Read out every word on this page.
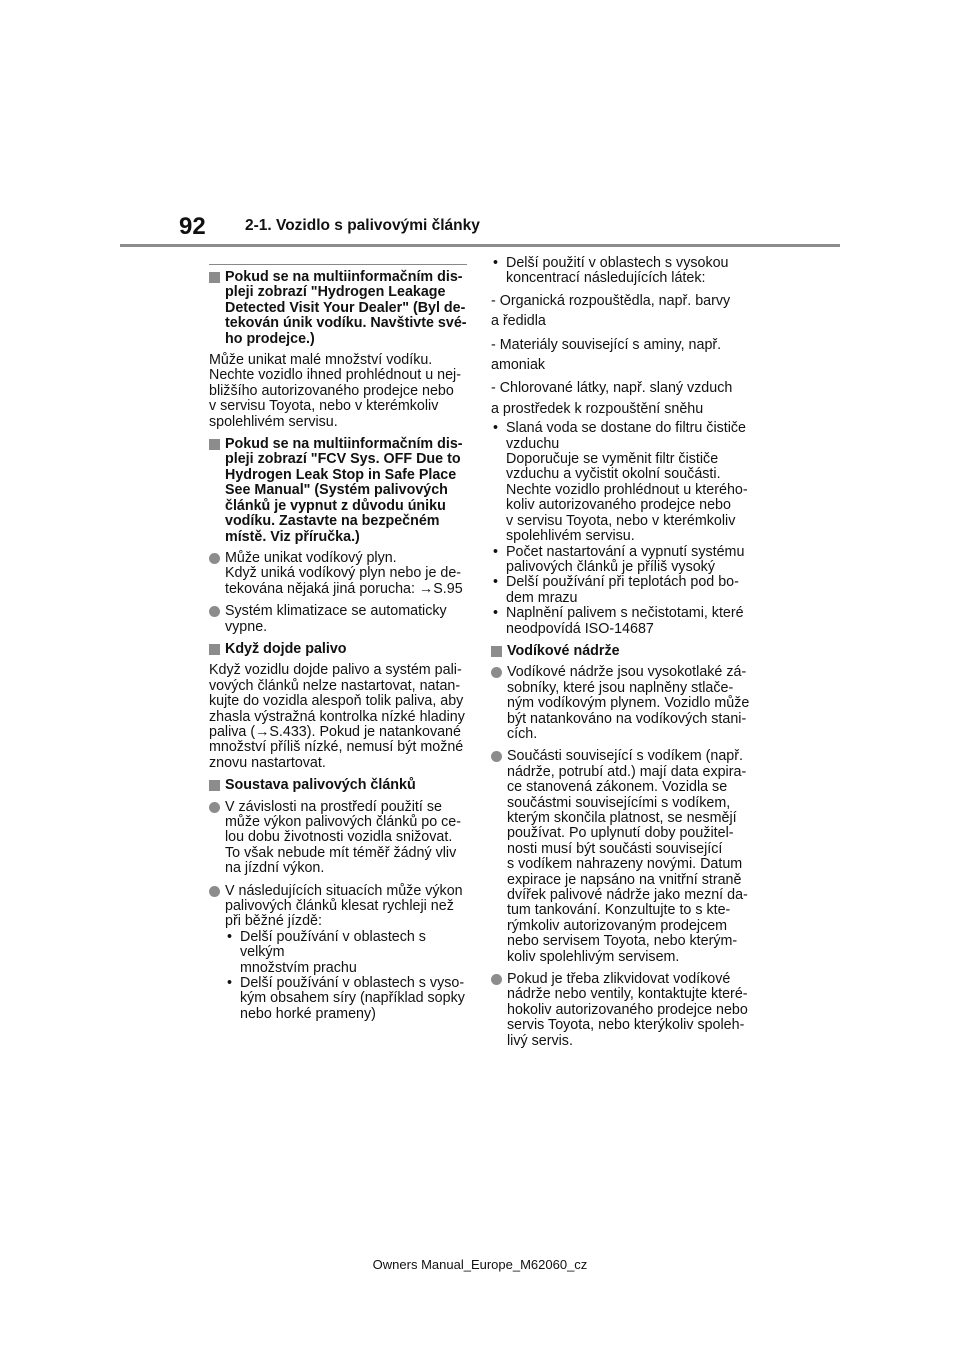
92	2-1. Vozidlo s palivovými články
Pokud se na multiinformačním dis-
pleji zobrazí "Hydrogen Leakage
Detected Visit Your Dealer" (Byl de-
tekován únik vodíku. Navštivte své-
ho prodejce.)
Může unikat malé množství vodíku.
Nechte vozidlo ihned prohlédnout u nej-
bližšího autorizovaného prodejce nebo
v servisu Toyota, nebo v kterémkoliv
spolehlivém servisu.
Pokud se na multiinformačním dis-
pleji zobrazí "FCV Sys. OFF Due to
Hydrogen Leak Stop in Safe Place
See Manual" (Systém palivových
článků je vypnut z důvodu úniku
vodíku. Zastavte na bezpečném
místě. Viz příručka.)
Může unikat vodíkový plyn.
Když uniká vodíkový plyn nebo je de-
tekována nějaká jiná porucha: →S.95
Systém klimatizace se automaticky
vypne.
Když dojde palivo
Když vozidlu dojde palivo a systém pali-
vových článků nelze nastartovat, natan-
kujte do vozidla alespoň tolik paliva, aby
zhasla výstražná kontrolka nízké hladiny
paliva (→S.433). Pokud je natankované
množství příliš nízké, nemusí být možné
znovu nastartovat.
Soustava palivových článků
V závislosti na prostředí použití se
může výkon palivových článků po ce-
lou dobu životnosti vozidla snižovat.
To však nebude mít téměř žádný vliv
na jízdní výkon.
V následujících situacích může výkon
palivových článků klesat rychleji než
při běžné jízdě:
• Delší používání v oblastech s velkým
množstvím prachu
• Delší používání v oblastech s vyso-
kým obsahem síry (například sopky
nebo horké prameny)
• Delší použití v oblastech s vysokou
koncentrací následujících látek:
- Organická rozpouštědla, např. barvy
a ředidla
- Materiály související s aminy, např.
amoniak
- Chlorované látky, např. slaný vzduch
a prostředek k rozpouštění sněhu
• Slaná voda se dostane do filtru čističe
vzduchu
Doporučuje se vyměnit filtr čističe
vzduchu a vyčistit okolní součásti.
Nechte vozidlo prohlédnout u kterého-
koliv autorizovaného prodejce nebo
v servisu Toyota, nebo v kterémkoliv
spolehlivém servisu.
• Počet nastartování a vypnutí systému
palivových článků je příliš vysoký
• Delší používání při teplotách pod bo-
dem mrazu
• Naplnění palivem s nečistotami, které
neodpovídá ISO-14687
Vodíkové nádrže
Vodíkové nádrže jsou vysokotlaké zá-
sobníky, které jsou naplněny stlače-
ným vodíkovým plynem. Vozidlo může
být natankováno na vodíkových stani-
cích.
Součásti související s vodíkem (např.
nádrže, potrubí atd.) mají data expira-
ce stanovená zákonem. Vozidla se
součástmi souvisejícími s vodíkem,
kterým skončila platnost, se nesmějí
používat. Po uplynutí doby použitel-
nosti musí být součásti související
s vodíkem nahrazeny novými. Datum
expirace je napsáno na vnitřní straně
dvířek palivové nádrže jako mezní da-
tum tankování. Konzultujte to s kte-
rýmkoliv autorizovaným prodejcem
nebo servisem Toyota, nebo kterým-
koliv spolehlivým servisem.
Pokud je třeba zlikvidovat vodíkové
nádrže nebo ventily, kontaktujte které-
hokoliv autorizovaného prodejce nebo
servis Toyota, nebo kterýkoliv spoleh-
livý servis.
Owners Manual_Europe_M62060_cz
